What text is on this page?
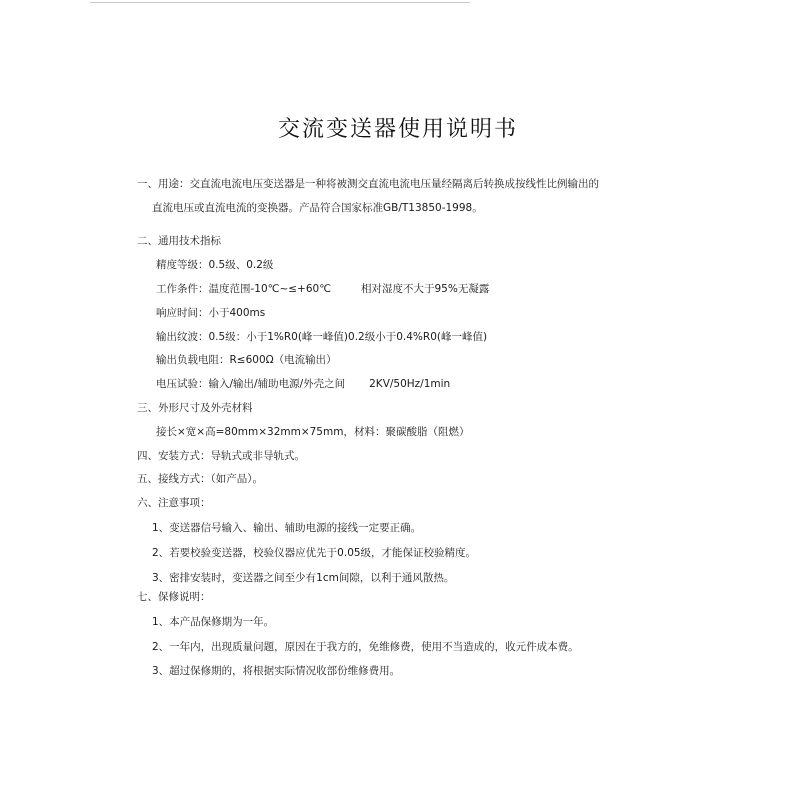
交流变送器使用说明书
一、用途：交直流电流电压变送器是一种将被测交直流电流电压量经隔离后转换成按线性比例输出的
直流电压或直流电流的变换器。产品符合国家标准GB/T13850-1998。
二、通用技术指标
精度等级：0.5级、0.2级
工作条件：温度范围-10℃~≤+60℃	相对湿度不大于95%无凝露
响应时间：小于400ms
输出纹波：0.5级：小于1%R0(峰一峰值)0.2级小于0.4%R0(峰一峰值)
输出负载电阻：R≤600Ω（电流输出）
电压试验：输入/输出/辅助电源/外壳之间 2KV/50Hz/1min
三、外形尺寸及外壳材料
接长×宽×高=80mm×32mm×75mm，材料：聚碳酸脂（阻燃）
四、安装方式：导轨式或非导轨式。
五、接线方式：（如产品）。
六、注意事项：
1、变送器信号输入、输出、辅助电源的接线一定要正确。
2、若要校验变送器，校验仪器应优先于0.05级，才能保证校验精度。
3、密排安装时，变送器之间至少有1cm间隙，以利于通风散热。
七、保修说明：
1、本产品保修期为一年。
2、一年内，出现质量问题，原因在于我方的，免维修费，使用不当造成的，收元件成本费。
3、超过保修期的，将根据实际情况收部份维修费用。
